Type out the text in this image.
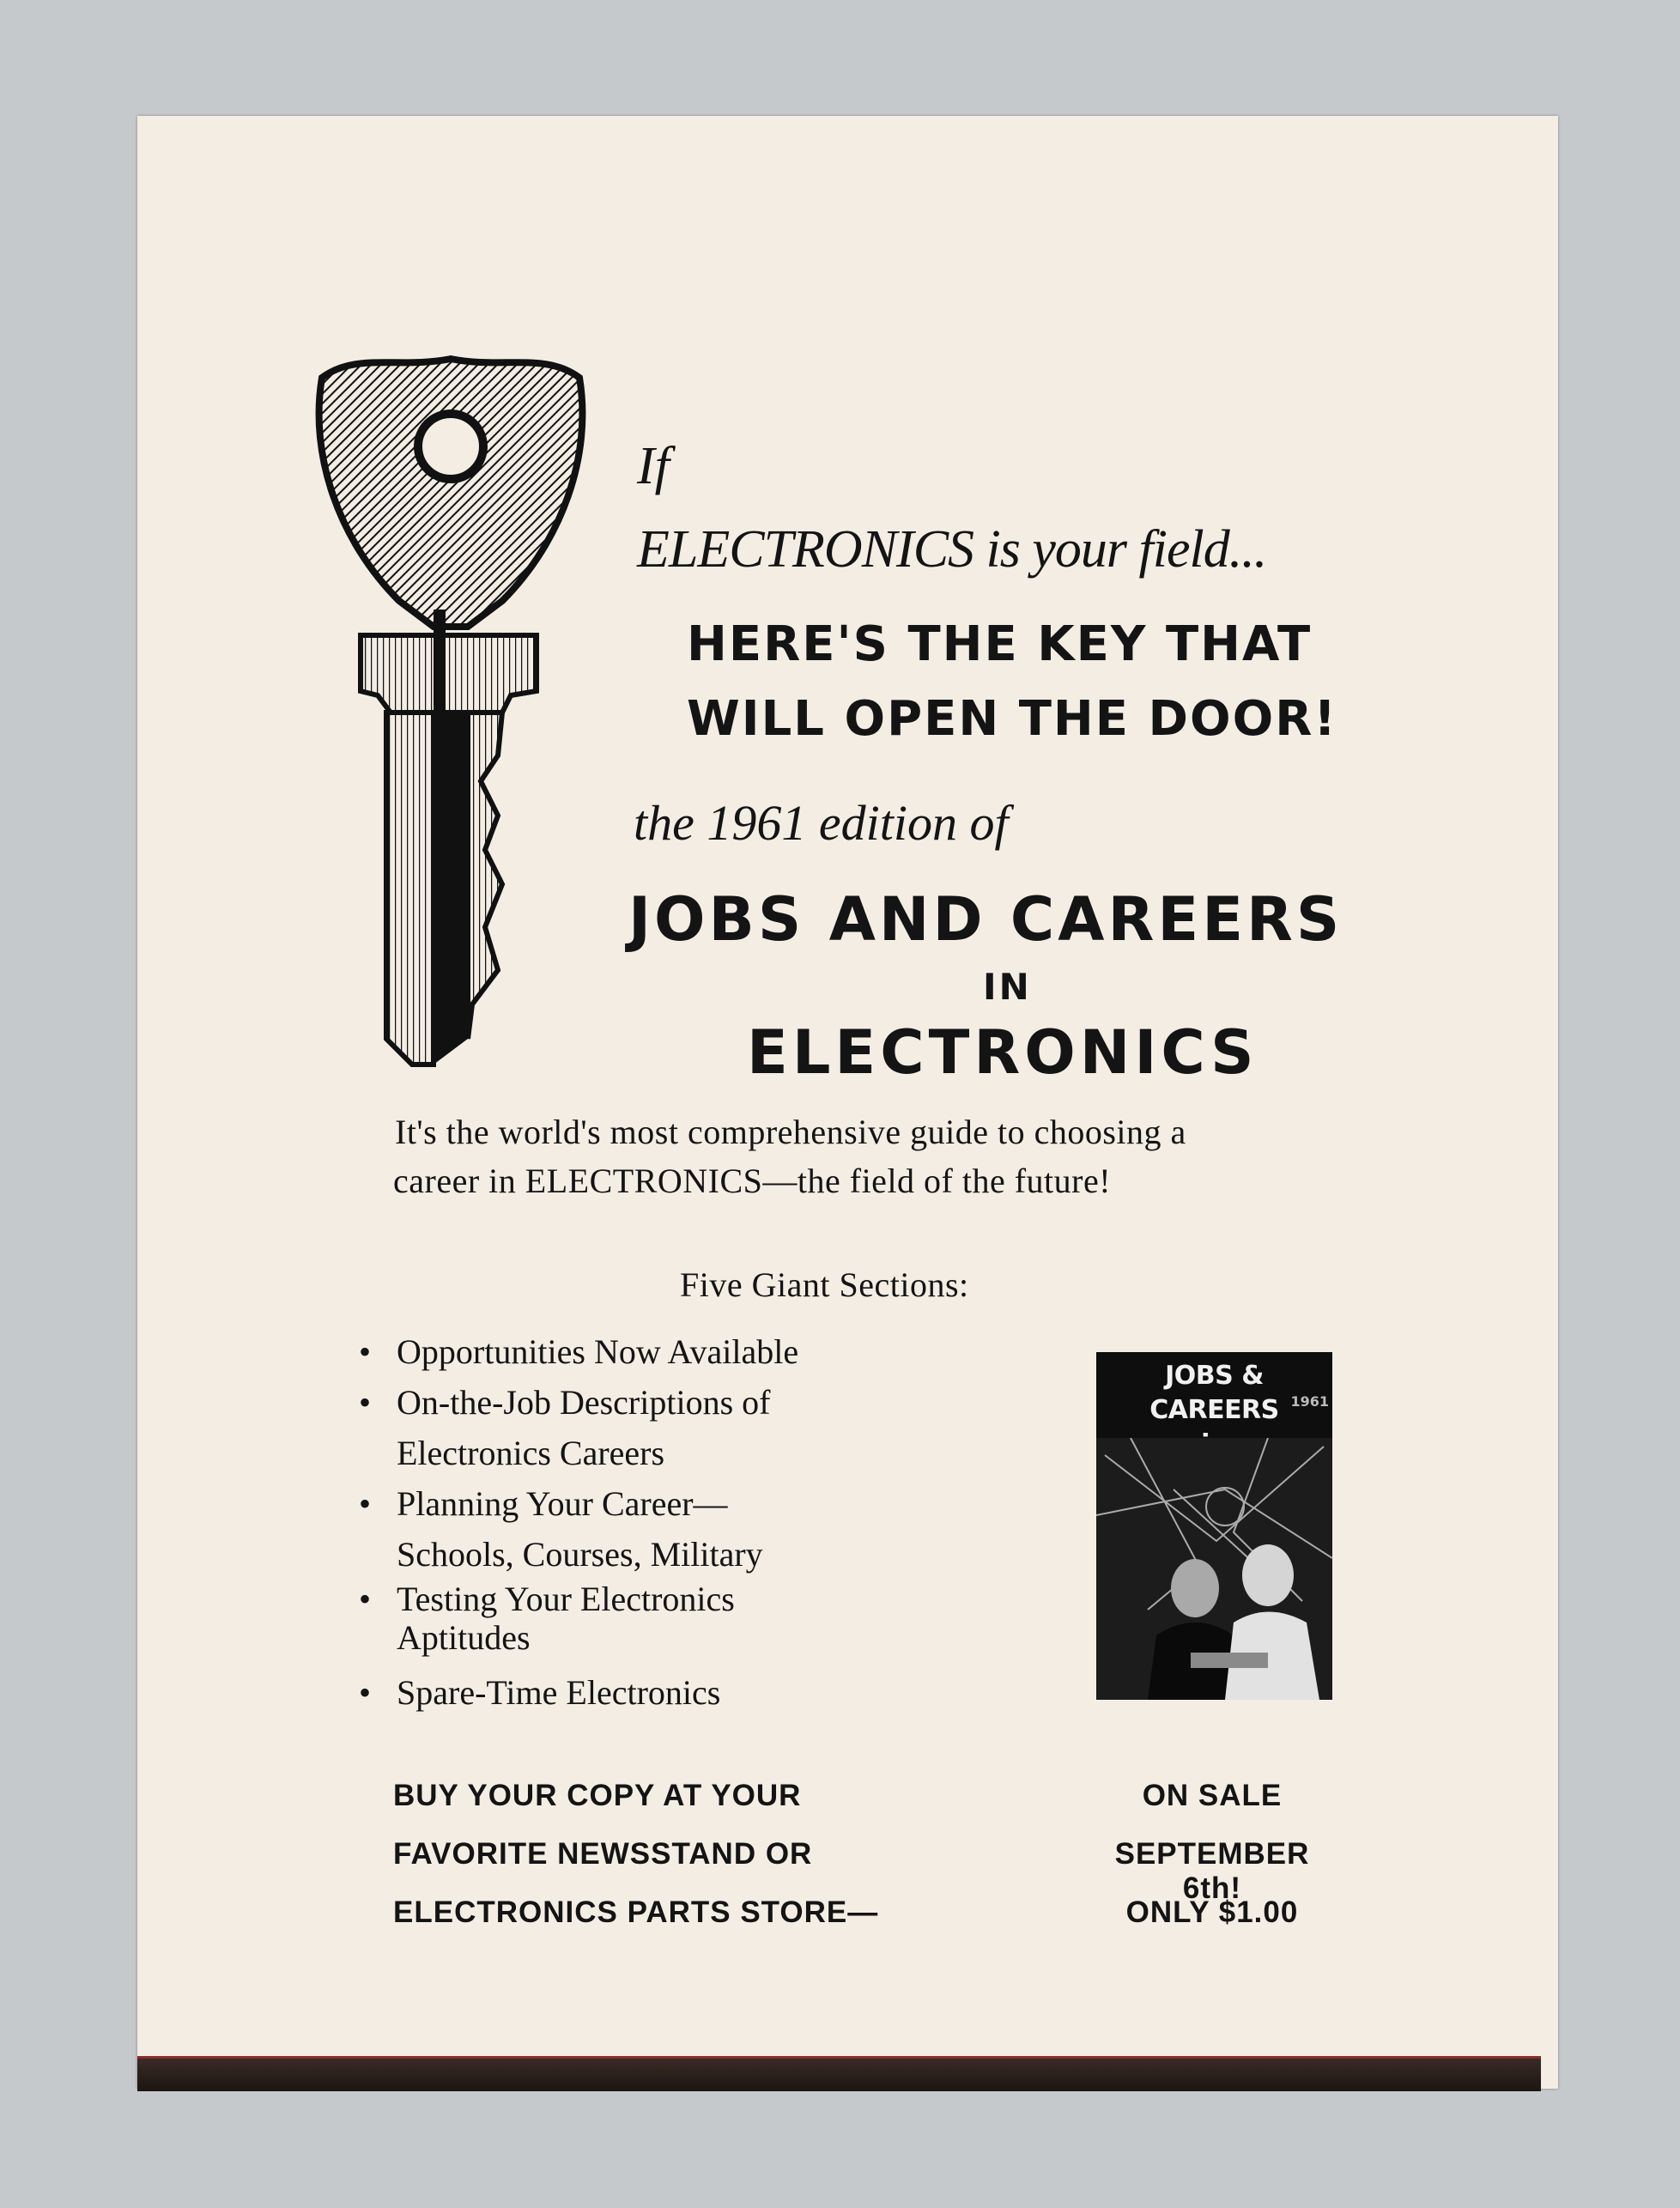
If
ELECTRONICS is your field...
HERE'S THE KEY THAT
WILL OPEN THE DOOR!
the 1961 edition of
JOBS AND CAREERS
IN
ELECTRONICS
It's the world's most comprehensive guide to choosing a
career in ELECTRONICS—the field of the future!
Five Giant Sections:
• Opportunities Now Available
• On-the-Job Descriptions of
Electronics Careers
• Planning Your Career—
Schools, Courses, Military
• Testing Your Electronics
Aptitudes
• Spare-Time Electronics
JOBS & CAREERS 1961
BUY YOUR COPY AT YOUR
FAVORITE NEWSSTAND OR
ELECTRONICS PARTS STORE—
ON SALE
SEPTEMBER 6th!
ONLY $1.00
